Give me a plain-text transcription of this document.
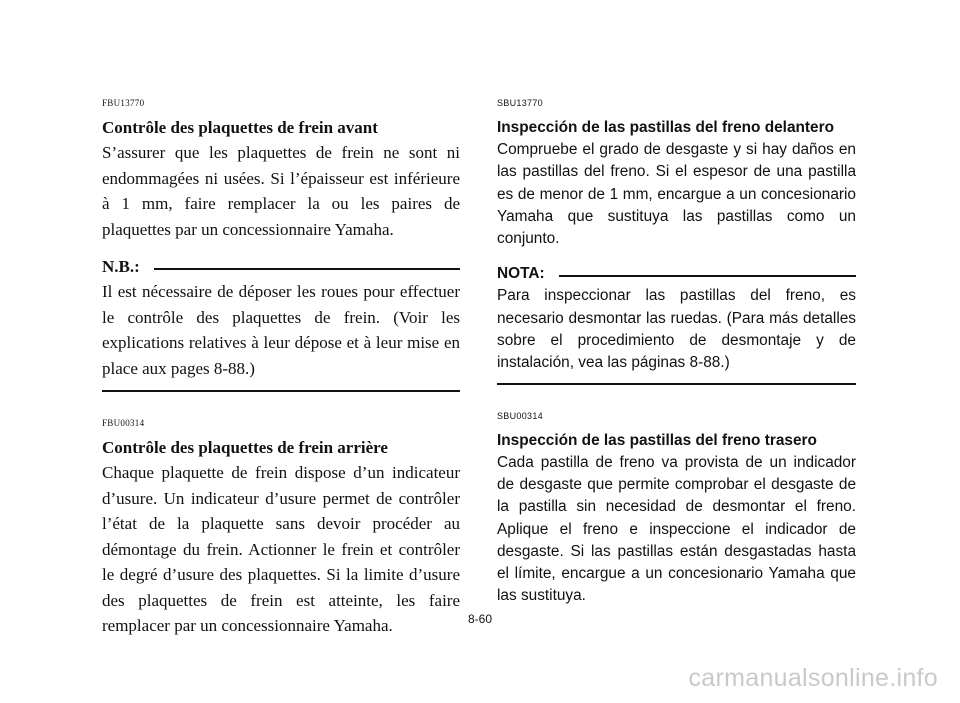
FBU13770
Contrôle des plaquettes de frein avant

S’assurer que les plaquettes de frein ne sont ni endommagées ni usées. Si l’épaisseur est inférieure à 1 mm, faire remplacer la ou les paires de plaquettes par un concessionnaire Yamaha.

N.B.:

Il est nécessaire de déposer les roues pour effectuer le contrôle des plaquettes de frein. (Voir les explications relatives à leur dépose et à leur mise en place aux pages 8-88.)

FBU00314
Contrôle des plaquettes de frein arrière

Chaque plaquette de frein dispose d’un indicateur d’usure. Un indicateur d’usure permet de contrôler l’état de la plaquette sans devoir procéder au démontage du frein. Actionner le frein et contrôler le degré d’usure des plaquettes. Si la limite d’usure des plaquettes de frein est atteinte, les faire remplacer par un concessionnaire Yamaha.

SBU13770
Inspección de las pastillas del freno delantero

Compruebe el grado de desgaste y si hay daños en las pastillas del freno. Si el espesor de una pastilla es de menor de 1 mm, encargue a un concesionario Yamaha que sustituya las pastillas como un conjunto.

NOTA:

Para inspeccionar las pastillas del freno, es necesario desmontar las ruedas. (Para más detalles sobre el procedimiento de desmontaje y de instalación, vea las páginas 8-88.)

SBU00314
Inspección de las pastillas del freno trasero

Cada pastilla de freno va provista de un indicador de desgaste que permite comprobar el desgaste de la pastilla sin necesidad de desmontar el freno. Aplique el freno e inspeccione el indicador de desgaste. Si las pastillas están desgastadas hasta el límite, encargue a un concesionario Yamaha que las sustituya.

8-60
carmanualsonline.info
